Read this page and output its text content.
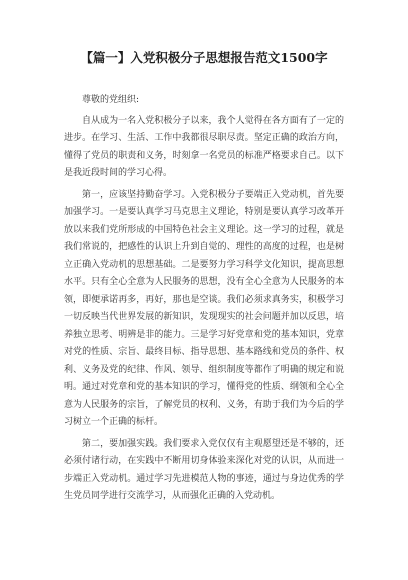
【篇一】入党积极分子思想报告范文1500字

尊敬的党组织:

自从成为一名入党积极分子以来，我个人觉得在各方面有了一定的进步。在学习、生活、工作中我都很尽职尽责。坚定正确的政治方向，懂得了党员的职责和义务，时刻拿一名党员的标准严格要求自己。以下是我近段时间的学习心得。

第一，应该坚持勤奋学习。入党积极分子要端正入党动机，首先要加强学习。一是要认真学习马克思主义理论，特别是要认真学习改革开放以来我们党所形成的中国特色社会主义理论。这一学习的过程，就是我们常说的，把感性的认识上升到自觉的、理性的高度的过程，也是树立正确入党动机的思想基础。二是要努力学习科学文化知识，提高思想水平。只有全心全意为人民服务的思想，没有全心全意为人民服务的本领，即便承诺再多，再好，那也是空谈。我们必须求真务实，积极学习一切反映当代世界发展的新知识，发现现实的社会问题并加以反思，培养独立思考、明辨是非的能力。三是学习好党章和党的基本知识，党章对党的性质、宗旨、最终目标、指导思想、基本路线和党员的条件、权利、义务及党的纪律、作风、领导、组织制度等都作了明确的规定和说明。通过对党章和党的基本知识的学习，懂得党的性质、纲领和全心全意为人民服务的宗旨，了解党员的权利、义务，有助于我们为今后的学习树立一个正确的标杆。

第二，要加强实践。我们要求入党仅仅有主观愿望还是不够的，还必须付诸行动，在实践中不断用切身体验来深化对党的认识，从而进一步端正入党动机。通过学习先进模范人物的事迹，通过与身边优秀的学生党员同学进行交流学习，从而强化正确的入党动机。
